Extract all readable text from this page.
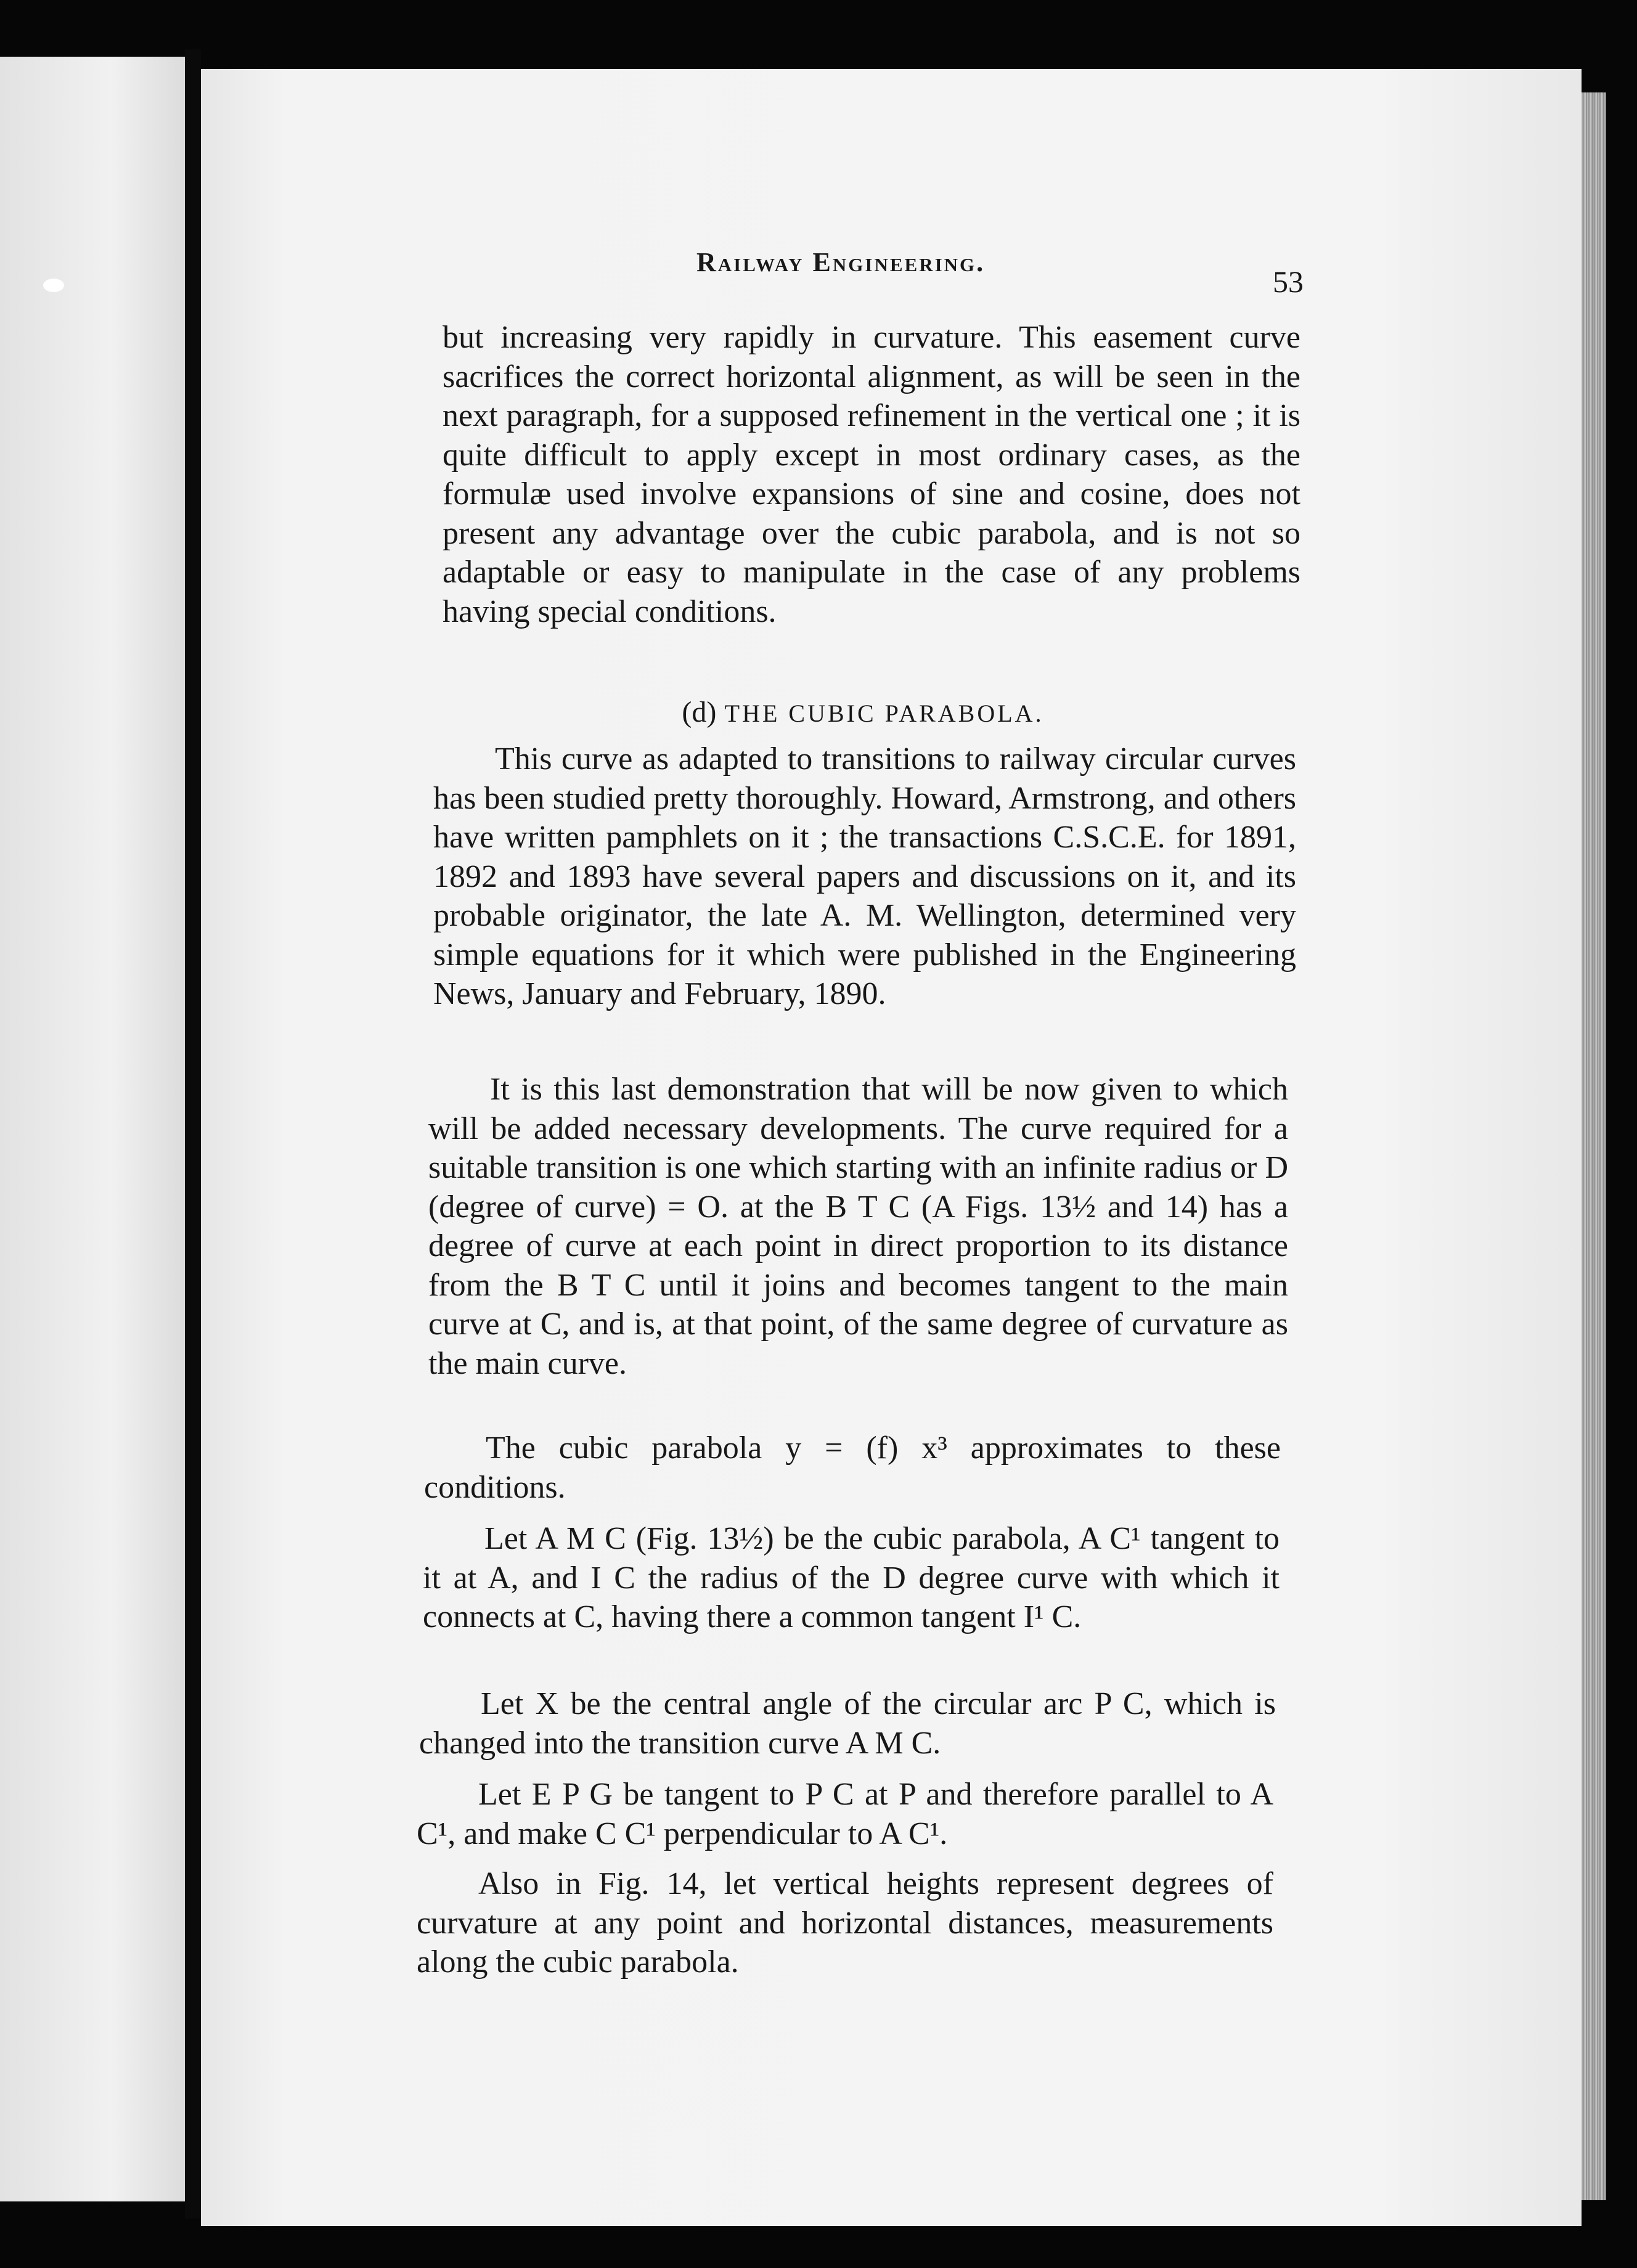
Railway Engineering.
53
but increasing very rapidly in curvature. This easement curve sacrifices the correct horizontal alignment, as will be seen in the next paragraph, for a supposed refinement in the vertical one ; it is quite difficult to apply except in most ordinary cases, as the formulæ used involve expansions of sine and cosine, does not present any advantage over the cubic parabola, and is not so adaptable or easy to manipulate in the case of any problems having special conditions.
(d) THE CUBIC PARABOLA.
This curve as adapted to transitions to railway circular curves has been studied pretty thoroughly. Howard, Armstrong, and others have written pamphlets on it ; the transactions C.S.C.E. for 1891, 1892 and 1893 have several papers and discussions on it, and its probable originator, the late A. M. Wellington, determined very simple equations for it which were published in the Engineering News, January and February, 1890.
It is this last demonstration that will be now given to which will be added necessary developments. The curve required for a suitable transition is one which starting with an infinite radius or D (degree of curve) = O. at the B T C (A Figs. 13½ and 14) has a degree of curve at each point in direct proportion to its distance from the B T C until it joins and becomes tangent to the main curve at C, and is, at that point, of the same degree of curvature as the main curve.
The cubic parabola y = (f) x³ approximates to these conditions.
Let A M C (Fig. 13½) be the cubic parabola, A C¹ tangent to it at A, and I C the radius of the D degree curve with which it connects at C, having there a common tangent I¹ C.
Let X be the central angle of the circular arc P C, which is changed into the transition curve A M C.
Let E P G be tangent to P C at P and therefore parallel to A C¹, and make C C¹ perpendicular to A C¹.
Also in Fig. 14, let vertical heights represent degrees of curvature at any point and horizontal distances, measurements along the cubic parabola.
